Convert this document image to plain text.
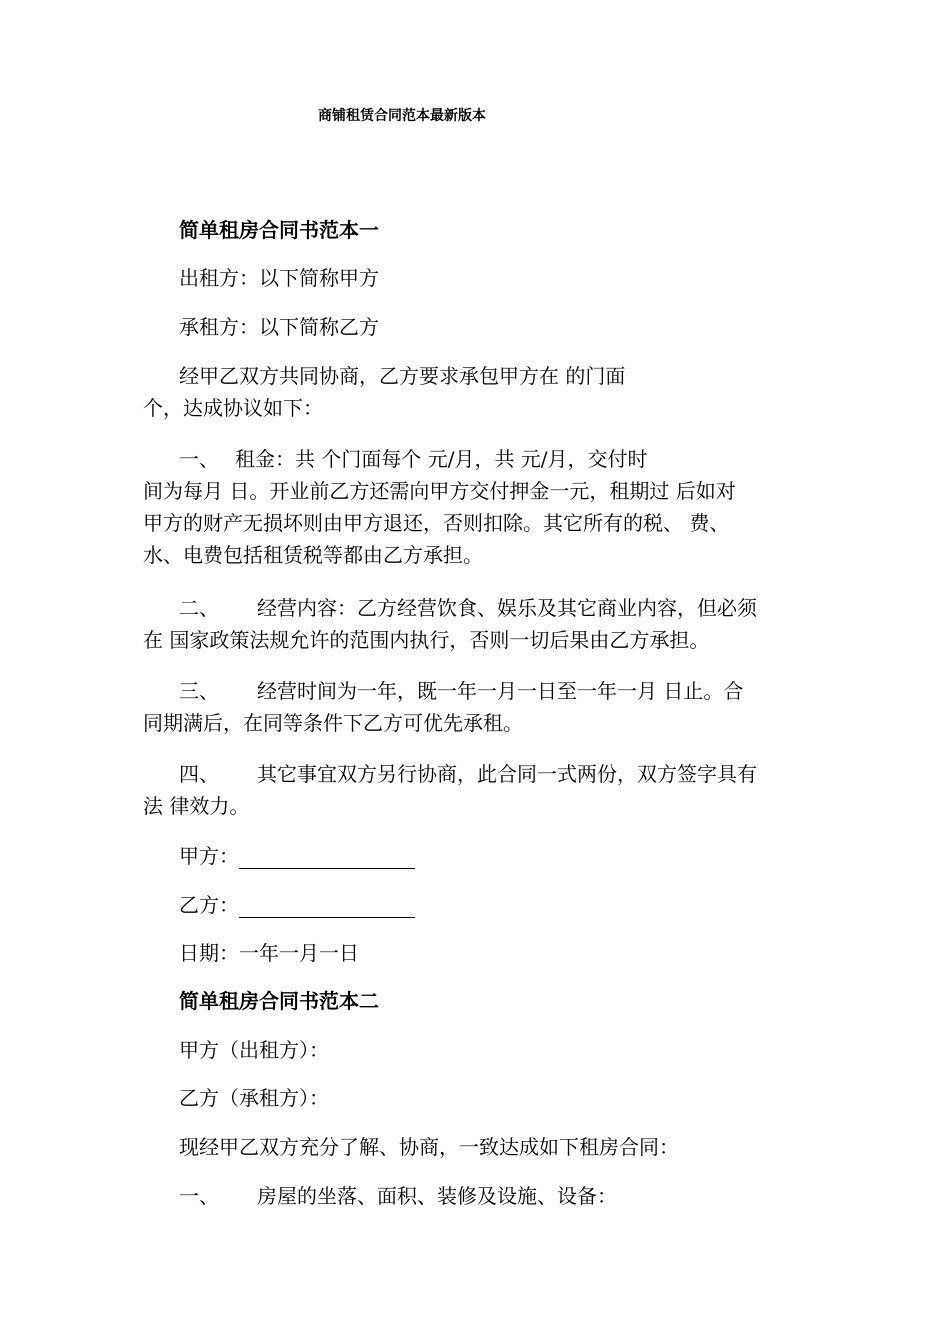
商铺租赁合同范本最新版本
简单租房合同书范本一
出租方：以下简称甲方
承租方：以下简称乙方
经甲乙双方共同协商，乙方要求承包甲方在 的门面
个，达成协议如下：
一、 租金：共 个门面每个 元/月，共 元/月，交付时
间为每月 日。开业前乙方还需向甲方交付押金一元，租期过 后如对
甲方的财产无损坏则由甲方退还，否则扣除。其它所有的税、 费、
水、电费包括租赁税等都由乙方承担。
二、 经营内容：乙方经营饮食、娱乐及其它商业内容，但必须
在 国家政策法规允许的范围内执行，否则一切后果由乙方承担。
三、 经营时间为一年，既一年一月一日至一年一月 日止。合
同期满后，在同等条件下乙方可优先承租。
四、 其它事宜双方另行协商，此合同一式两份，双方签字具有
法 律效力。
甲方：
乙方：
日期：一年一月一日
简单租房合同书范本二
甲方（出租方）：
乙方（承租方）：
现经甲乙双方充分了解、协商，一致达成如下租房合同：
一、 房屋的坐落、面积、装修及设施、设备：
